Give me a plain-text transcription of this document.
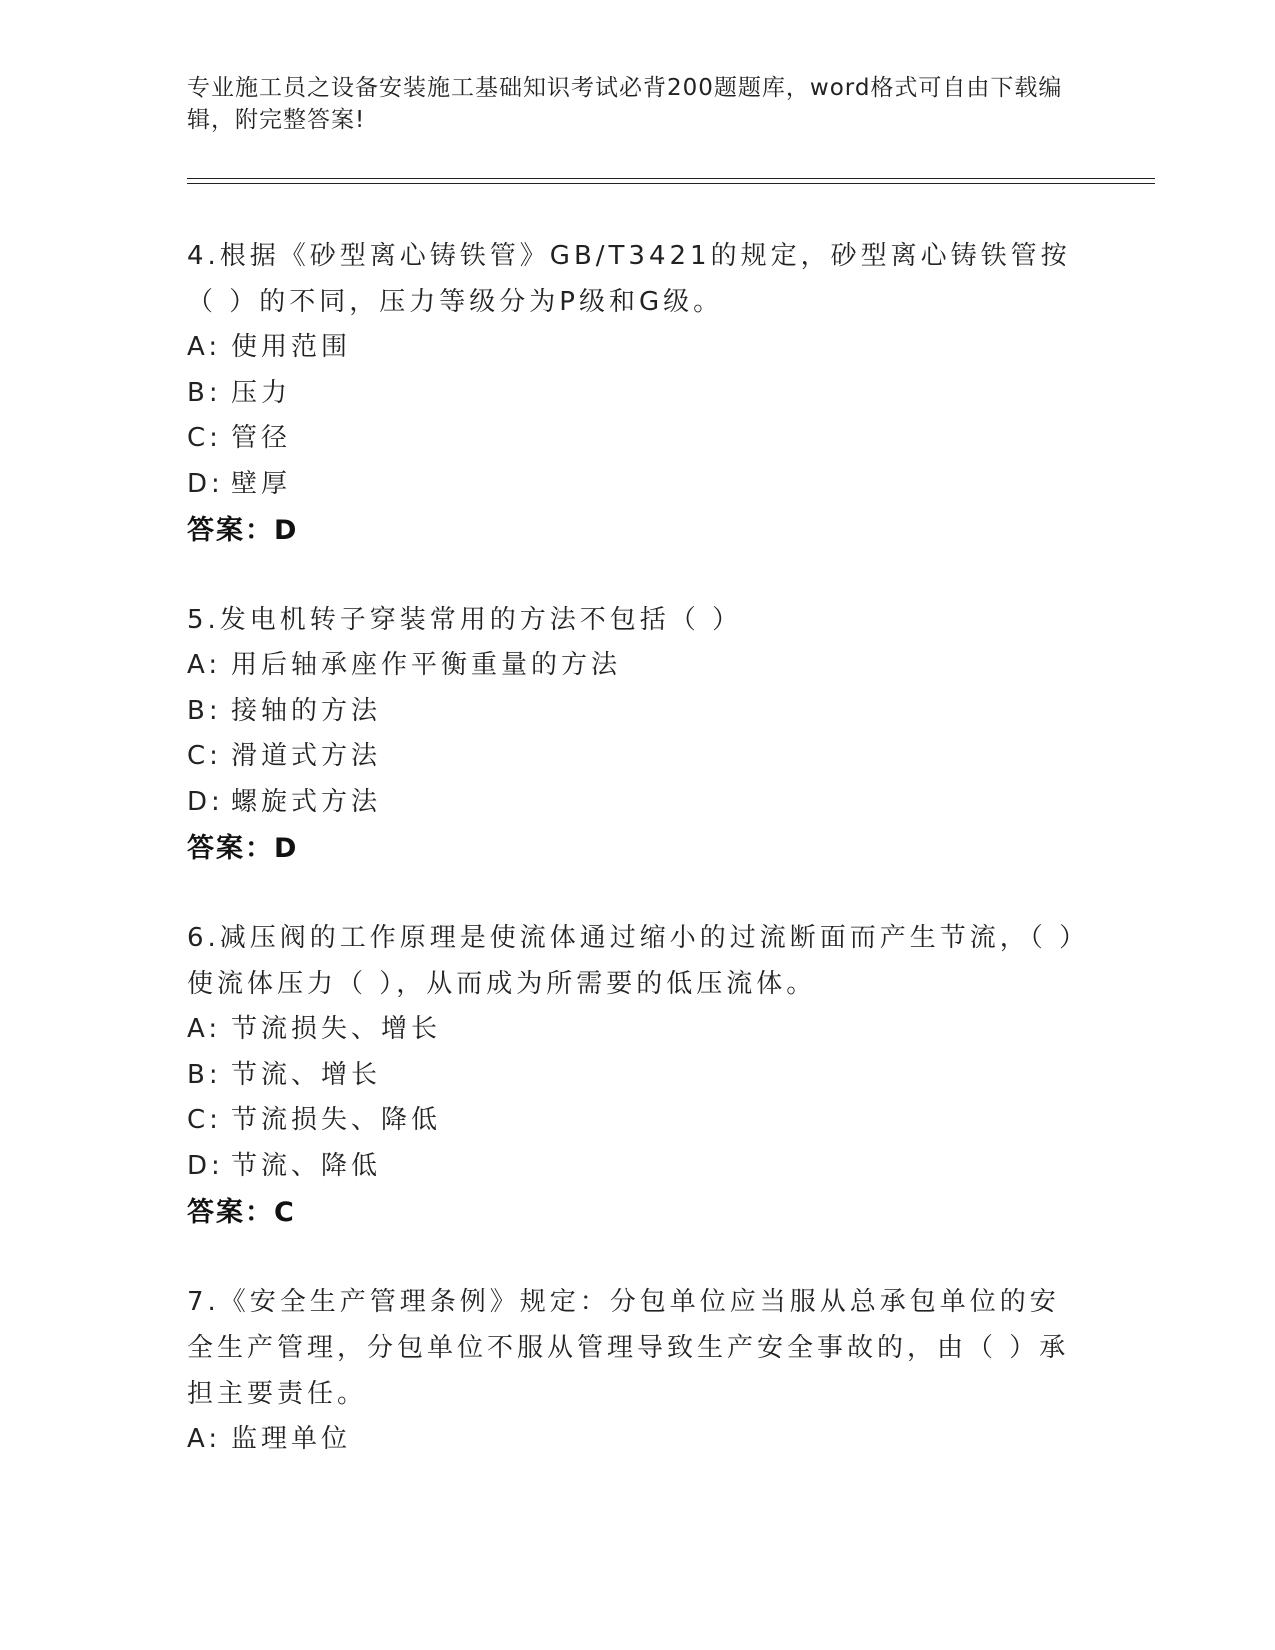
专业施工员之设备安装施工基础知识考试必背200题题库，word格式可自由下载编辑，附完整答案!
4.根据《砂型离心铸铁管》GB/T3421的规定，砂型离心铸铁管按（ ）的不同，压力等级分为P级和G级。
A: 使用范围
B: 压力
C: 管径
D: 壁厚
答案：D
5.发电机转子穿装常用的方法不包括（ ）
A: 用后轴承座作平衡重量的方法
B: 接轴的方法
C: 滑道式方法
D: 螺旋式方法
答案：D
6.减压阀的工作原理是使流体通过缩小的过流断面而产生节流，（ ）使流体压力（ ），从而成为所需要的低压流体。
A: 节流损失、增长
B: 节流、增长
C: 节流损失、降低
D: 节流、降低
答案：C
7.《安全生产管理条例》规定：分包单位应当服从总承包单位的安全生产管理，分包单位不服从管理导致生产安全事故的，由（ ）承担主要责任。
A: 监理单位
